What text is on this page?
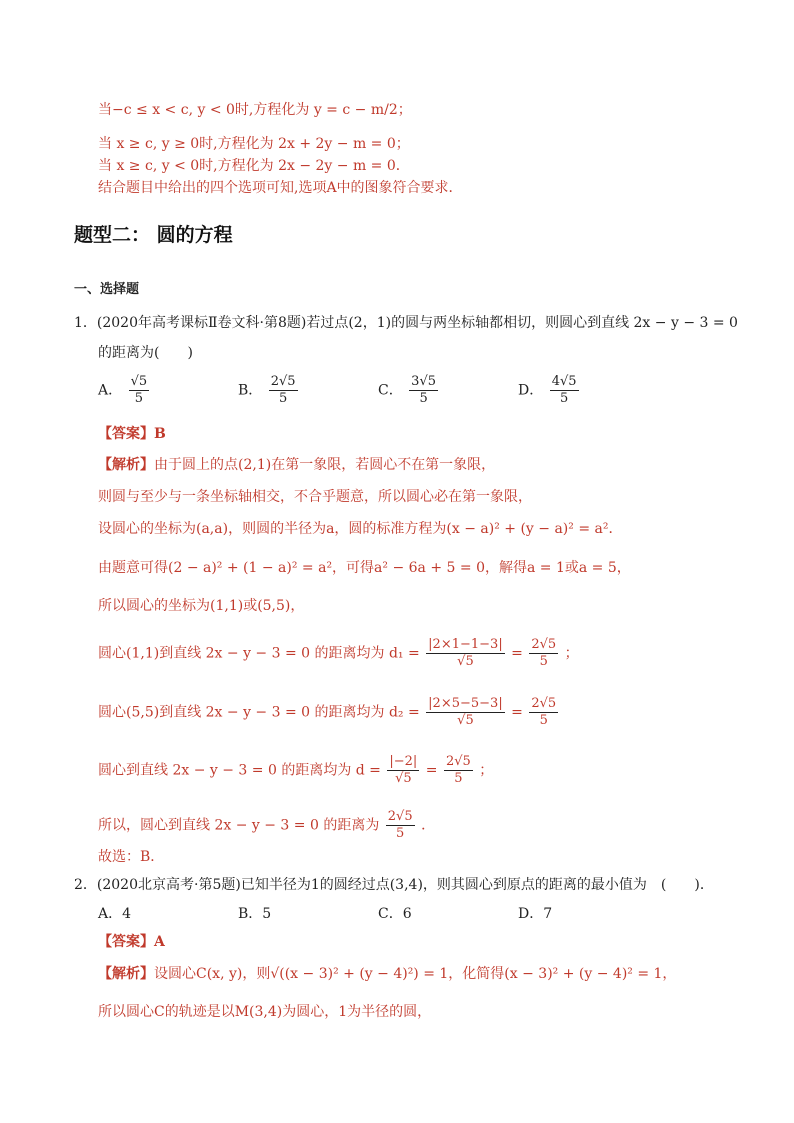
当−c ≤ x < c, y < 0时,方程化为 y = c − m/2；
当 x ≥ c, y ≥ 0时,方程化为 2x + 2y − m = 0；
当 x ≥ c, y < 0时,方程化为 2x − 2y − m = 0．
结合题目中给出的四个选项可知,选项A中的图象符合要求．
题型二： 圆的方程
一、选择题
1．(2020年高考课标Ⅱ卷文科·第8题)若过点(2，1)的圆与两坐标轴都相切，则圆心到直线 2x − y − 3 = 0
的距离为(　　)
A． $\frac{√5}{5}$	B． $\frac{2√5}{5}$	C． $\frac{3√5}{5}$	D． $\frac{4√5}{5}$
【答案】B
【解析】由于圆上的点(2,1)在第一象限，若圆心不在第一象限，
则圆与至少与一条坐标轴相交，不合乎题意，所以圆心必在第一象限，
设圆心的坐标为(a,a)，则圆的半径为a，圆的标准方程为(x − a)² + (y − a)² = a²．
由题意可得(2 − a)² + (1 − a)² = a²，可得a² − 6a + 5 = 0，解得a = 1或a = 5，
所以圆心的坐标为(1,1)或(5,5)，
圆心(1,1)到直线 2x − y − 3 = 0 的距离均为 $d_1 = \frac{|2\times 1-1-3|}{√5} = \frac{2√5}{5}$ ；
圆心(5,5)到直线 2x − y − 3 = 0 的距离均为 $d_2 = \frac{|2\times 5-5-3|}{√5} = \frac{2√5}{5}$
圆心到直线 2x − y − 3 = 0 的距离均为 $d = \frac{|-2|}{√5} = \frac{2√5}{5}$ ；
所以，圆心到直线 2x − y − 3 = 0 的距离为 $\frac{2√5}{5}$ ．
故选：B．
2．(2020北京高考·第5题)已知半径为1的圆经过点(3,4)，则其圆心到原点的距离的最小值为　(　　)．
A．4	B．5	C．6	D．7
【答案】A
【解析】设圆心C(x, y)，则√((x − 3)² + (y − 4)²) = 1，化简得(x − 3)² + (y − 4)² = 1，
所以圆心C的轨迹是以M(3,4)为圆心，1为半径的圆，
